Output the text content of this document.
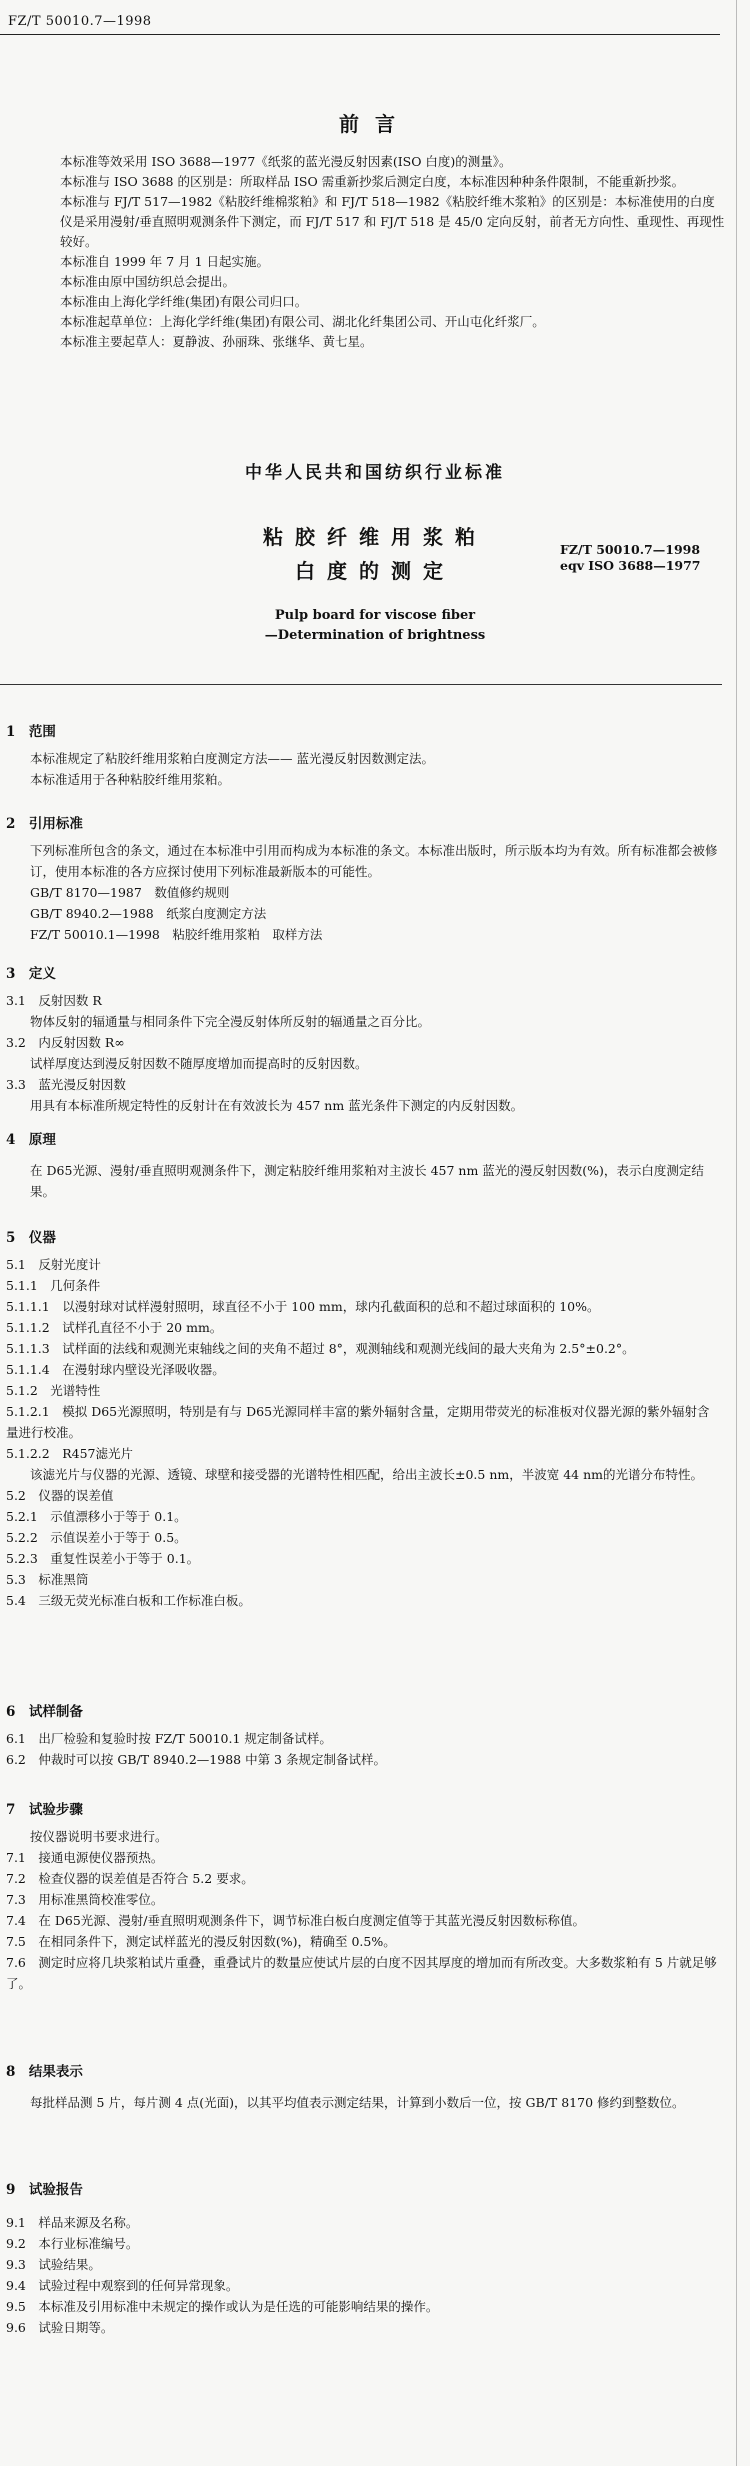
FZ/T 50010.7—1998
前言

本标准等效采用 ISO 3688—1977《纸浆的蓝光漫反射因素(ISO 白度)的测量》。

本标准与 ISO 3688 的区别是：所取样品 ISO 需重新抄浆后测定白度，本标准因种种条件限制，不能重新抄浆。

本标准与 FJ/T 517—1982《粘胶纤维棉浆粕》和 FJ/T 518—1982《粘胶纤维木浆粕》的区别是：本标准使用的白度仪是采用漫射/垂直照明观测条件下测定，而 FJ/T 517 和 FJ/T 518 是 45/0 定向反射，前者无方向性、重现性、再现性较好。

本标准自 1999 年 7 月 1 日起实施。

本标准由原中国纺织总会提出。

本标准由上海化学纤维(集团)有限公司归口。

本标准起草单位：上海化学纤维(集团)有限公司、湖北化纤集团公司、开山屯化纤浆厂。

本标准主要起草人：夏静波、孙丽珠、张继华、黄七星。

中华人民共和国纺织行业标准
粘胶纤维用浆粕
白度的测定
FZ/T 50010.7—1998
eqv ISO 3688—1977
Pulp board for viscose fiber
—Determination of brightness
1　范围

本标准规定了粘胶纤维用浆粕白度测定方法—— 蓝光漫反射因数测定法。

本标准适用于各种粘胶纤维用浆粕。

2　引用标准

下列标准所包含的条文，通过在本标准中引用而构成为本标准的条文。本标准出版时，所示版本均为有效。所有标准都会被修订，使用本标准的各方应探讨使用下列标准最新版本的可能性。

GB/T 8170—1987　数值修约规则

GB/T 8940.2—1988　纸浆白度测定方法

FZ/T 50010.1—1998　粘胶纤维用浆粕　取样方法

3　定义

3.1　反射因数 R

物体反射的辐通量与相同条件下完全漫反射体所反射的辐通量之百分比。

3.2　内反射因数 R∞

试样厚度达到漫反射因数不随厚度增加而提高时的反射因数。

3.3　蓝光漫反射因数

用具有本标准所规定特性的反射计在有效波长为 457 nm 蓝光条件下测定的内反射因数。

4　原理

在 D65光源、漫射/垂直照明观测条件下，测定粘胶纤维用浆粕对主波长 457 nm 蓝光的漫反射因数(%)，表示白度测定结果。

5　仪器

5.1　反射光度计

5.1.1　几何条件

5.1.1.1　以漫射球对试样漫射照明，球直径不小于 100 mm，球内孔截面积的总和不超过球面积的 10%。

5.1.1.2　试样孔直径不小于 20 mm。

5.1.1.3　试样面的法线和观测光束轴线之间的夹角不超过 8°，观测轴线和观测光线间的最大夹角为 2.5°±0.2°。

5.1.1.4　在漫射球内壁设光泽吸收器。

5.1.2　光谱特性

5.1.2.1　模拟 D65光源照明，特别是有与 D65光源同样丰富的紫外辐射含量，定期用带荧光的标准板对仪器光源的紫外辐射含量进行校准。

5.1.2.2　R457滤光片

该滤光片与仪器的光源、透镜、球壁和接受器的光谱特性相匹配，给出主波长±0.5 nm，半波宽 44 nm的光谱分布特性。

5.2　仪器的误差值

5.2.1　示值漂移小于等于 0.1。

5.2.2　示值误差小于等于 0.5。

5.2.3　重复性误差小于等于 0.1。

5.3　标准黑筒

5.4　三级无荧光标准白板和工作标准白板。

6　试样制备

6.1　出厂检验和复验时按 FZ/T 50010.1 规定制备试样。

6.2　仲裁时可以按 GB/T 8940.2—1988 中第 3 条规定制备试样。

7　试验步骤

按仪器说明书要求进行。

7.1　接通电源使仪器预热。

7.2　检查仪器的误差值是否符合 5.2 要求。

7.3　用标准黑筒校准零位。

7.4　在 D65光源、漫射/垂直照明观测条件下，调节标准白板白度测定值等于其蓝光漫反射因数标称值。

7.5　在相同条件下，测定试样蓝光的漫反射因数(%)，精确至 0.5%。

7.6　测定时应将几块浆粕试片重叠，重叠试片的数量应使试片层的白度不因其厚度的增加而有所改变。大多数浆粕有 5 片就足够了。

8　结果表示

每批样品测 5 片，每片测 4 点(光面)，以其平均值表示测定结果，计算到小数后一位，按 GB/T 8170 修约到整数位。

9　试验报告

9.1　样品来源及名称。

9.2　本行业标准编号。

9.3　试验结果。

9.4　试验过程中观察到的任何异常现象。

9.5　本标准及引用标准中未规定的操作或认为是任选的可能影响结果的操作。

9.6　试验日期等。
